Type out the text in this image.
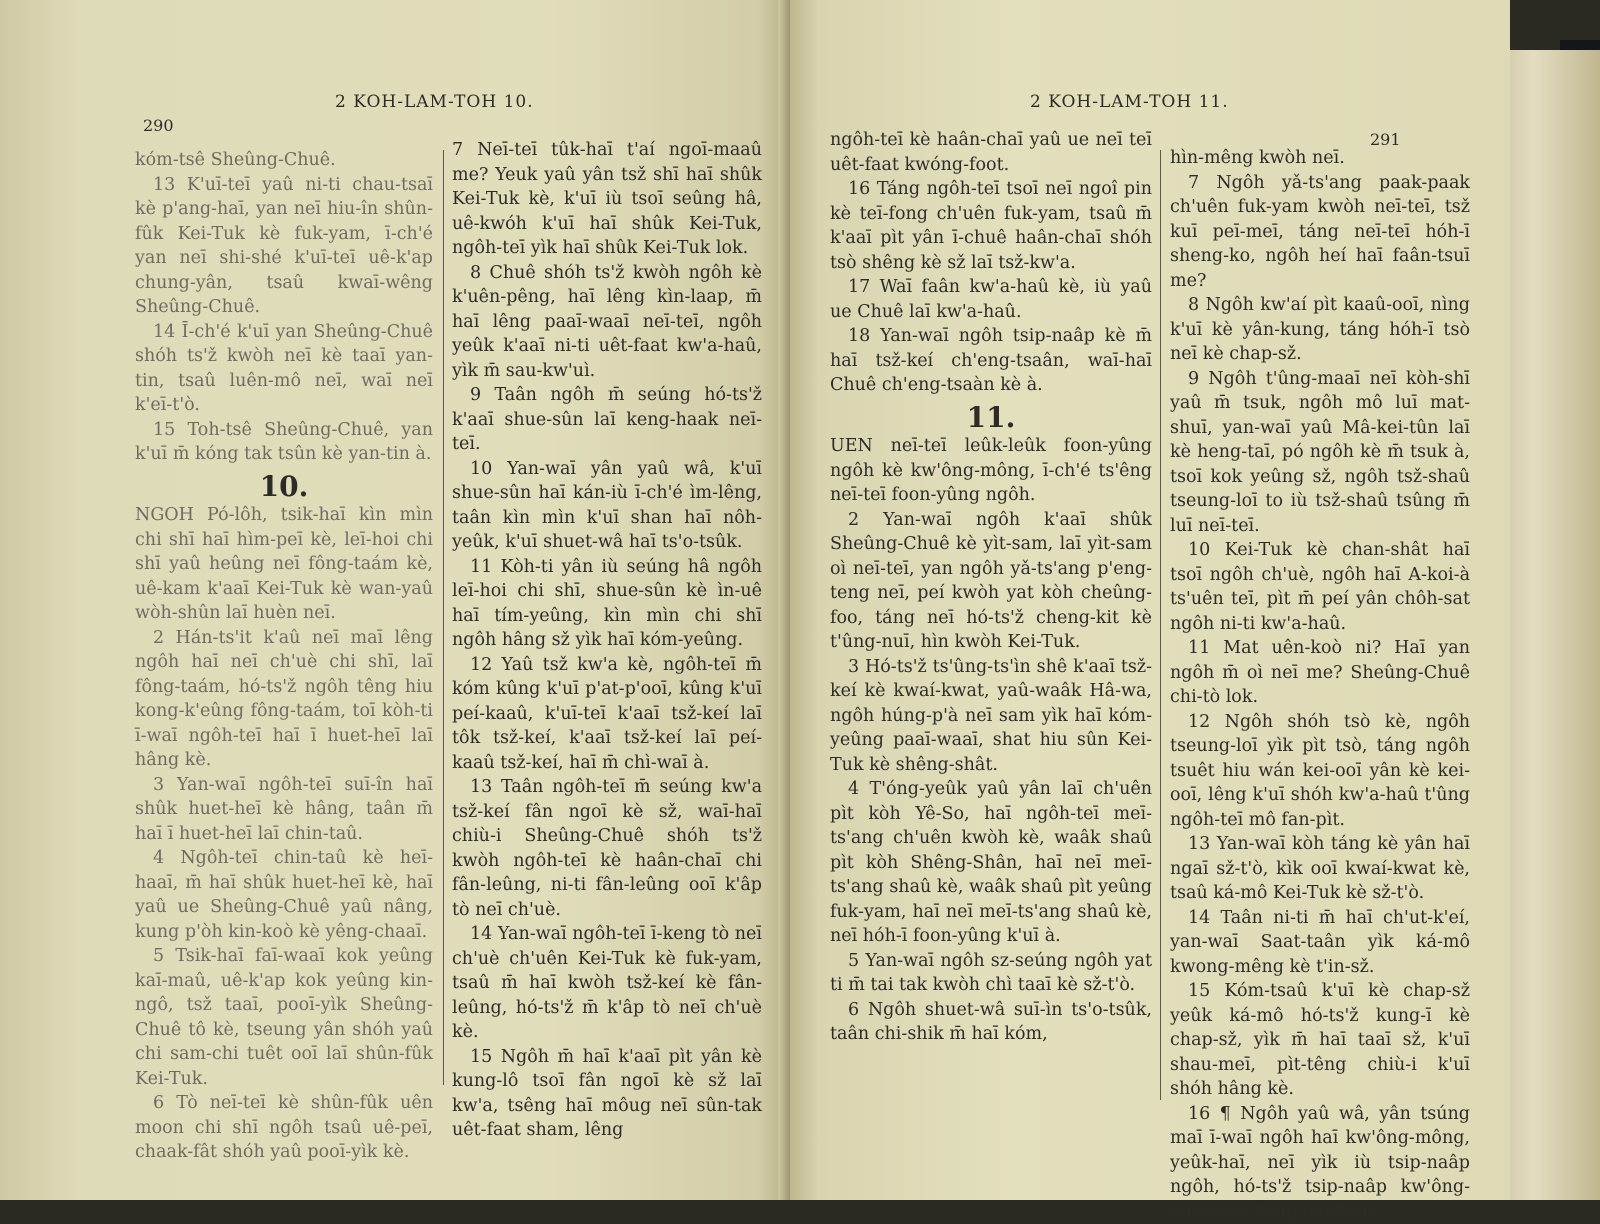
290
2 KOH-LAM-TOH 10.

kóm-tsê Sheûng-Chuê.

13 K'uī-teī yaû ni-ti chau-tsaī kè p'ang-haī, yan neī hiu-în shûn-fûk Kei-Tuk kè fuk-yam, ī-ch'é yan neī shi-shé k'uī-teī uê-k'ap chung-yân, tsaû kwaī-wêng Sheûng-Chuê.

14 Ī-ch'é k'uī yan Sheûng-Chuê shóh ts'ž kwòh neī kè taaī yan-tin, tsaû luên-mô neī, waī neī k'eī-t'ò.

15 Toh-tsê Sheûng-Chuê, yan k'uī m̄ kóng tak tsûn kè yan-tin à.

10.

NGOH Pó-lôh, tsik-haī kìn mìn chi shī haī hìm-peī kè, leī-hoi chi shī yaû heûng neī fông-taám kè, uê-kam k'aaī Kei-Tuk kè wan-yaû wòh-shûn laī huèn neī.

2 Hán-ts'it k'aû neī maī lêng ngôh haī neī ch'uè chi shī, laī fông-taám, hó-ts'ž ngôh têng hiu kong-k'eûng fông-taám, toī kòh-ti ī-waī ngôh-teī haī ī huet-heī laī hâng kè.

3 Yan-waī ngôh-teī suī-în haī shûk huet-heī kè hâng, taân m̄ haī ī huet-heī laī chin-taû.

4 Ngôh-teī chin-taû kè heī-haaī, m̄ haī shûk huet-heī kè, haī yaû ue Sheûng-Chuê yaû nâng, kung p'òh kin-koò kè yêng-chaaī.

5 Tsik-haī faī-waaī kok yeûng kaī-maû, uê-k'ap kok yeûng kin-ngô, tsž taaī, pooī-yìk Sheûng-Chuê tô kè, tseung yân shóh yaû chi sam-chi tuêt ooī laī shûn-fûk Kei-Tuk.

6 Tò neī-teī kè shûn-fûk uên moon chi shī ngôh tsaû uê-peī, chaak-fât shóh yaû pooī-yìk kè.

7 Neī-teī tûk-haī t'aí ngoī-maaû me? Yeuk yaû yân tsž shī haī shûk Kei-Tuk kè, k'uī iù tsoī seûng hâ, uê-kwóh k'uī haī shûk Kei-Tuk, ngôh-teī yìk haī shûk Kei-Tuk lok.

8 Chuê shóh ts'ž kwòh ngôh kè k'uên-pêng, haī lêng kìn-laap, m̄ haī lêng paaī-waaī neī-teī, ngôh yeûk k'aaī ni-ti uêt-faat kw'a-haû, yìk m̄ sau-kw'uì.

9 Taân ngôh m̄ seúng hó-ts'ž k'aaī shue-sûn laī keng-haak neī-teī.

10 Yan-waī yân yaû wâ, k'uī shue-sûn haī kán-iù ī-ch'é ìm-lêng, taân kìn mìn k'uī shan haī nôh-yeûk, k'uī shuet-wâ haī ts'o-tsûk.

11 Kòh-ti yân iù seúng hâ ngôh leī-hoi chi shī, shue-sûn kè ìn-uê haī tím-yeûng, kìn mìn chi shī ngôh hâng sž yìk haī kóm-yeûng.

12 Yaû tsž kw'a kè, ngôh-teī m̄ kóm kûng k'uī p'at-p'ooī, kûng k'uī peí-kaaû, k'uī-teī k'aaī tsž-keí laī tôk tsž-keí, k'aaī tsž-keí laī peí-kaaû tsž-keí, haī m̄ chì-waī à.

13 Taân ngôh-teī m̄ seúng kw'a tsž-keí fân ngoī kè sž, waī-haī chiù-i Sheûng-Chuê shóh ts'ž kwòh ngôh-teī kè haân-chaī chi fân-leûng, ni-ti fân-leûng ooī k'âp tò neī ch'uè.

14 Yan-waī ngôh-teī ī-keng tò neī ch'uè ch'uên Kei-Tuk kè fuk-yam, tsaû m̄ haī kwòh tsž-keí kè fân-leûng, hó-ts'ž m̄ k'âp tò neī ch'uè kè.

15 Ngôh m̄ haī k'aaī pìt yân kè kung-lô tsoī fân ngoī kè sž laī kw'a, tsêng haī môug neī sûn-tak uêt-faat sham, lêng

2 KOH-LAM-TOH 11.
291

ngôh-teī kè haân-chaī yaû ue neī teī uêt-faat kwóng-foot.

16 Táng ngôh-teī tsoī neī ngoî pin kè teī-fong ch'uên fuk-yam, tsaû m̄ k'aaī pìt yân ī-chuê haân-chaī shóh tsò shêng kè sž laī tsž-kw'a.

17 Waī faân kw'a-haû kè, iù yaû ue Chuê laī kw'a-haû.

18 Yan-waī ngôh tsip-naâp kè m̄ haī tsž-keí ch'eng-tsaân, waī-haī Chuê ch'eng-tsaàn kè à.

11.

UEN neī-teī leûk-leûk foon-yûng ngôh kè kw'ông-mông, ī-ch'é ts'êng neī-teī foon-yûng ngôh.

2 Yan-waī ngôh k'aaī shûk Sheûng-Chuê kè yìt-sam, laī yìt-sam oì neī-teī, yan ngôh yǎ-ts'ang p'eng-teng neī, peí kwòh yat kòh cheûng-foo, táng neī hó-ts'ž cheng-kit kè t'ûng-nuī, hìn kwòh Kei-Tuk.

3 Hó-ts'ž ts'ûng-ts'ìn shê k'aaī tsž-keí kè kwaí-kwat, yaû-waâk Hâ-wa, ngôh húng-p'à neī sam yìk haī kóm-yeûng paaī-waaī, shat hiu sûn Kei-Tuk kè shêng-shât.

4 T'óng-yeûk yaû yân laī ch'uên pìt kòh Yê-So, haī ngôh-teī meī-ts'ang ch'uên kwòh kè, waâk shaû pìt kòh Shêng-Shân, haī neī meī-ts'ang shaû kè, waâk shaû pìt yeûng fuk-yam, haī neī meī-ts'ang shaû kè, neī hóh-ī foon-yûng k'uī à.

5 Yan-waī ngôh sz-seúng ngôh yat ti m̄ tai tak kwòh chì taaī kè sž-t'ò.

6 Ngôh shuet-wâ suī-ìn ts'o-tsûk, taân chi-shik m̄ haī kóm,

hìn-mêng kwòh neī.

7 Ngôh yǎ-ts'ang paak-paak ch'uên fuk-yam kwòh neī-teī, tsž kuī peī-meī, táng neī-teī hóh-ī sheng-ko, ngôh heí haī faân-tsuī me?

8 Ngôh kw'aí pìt kaaû-ooī, nìng k'uī kè yân-kung, táng hóh-ī tsò neī kè chap-sž.

9 Ngôh t'ûng-maaī neī kòh-shī yaû m̄ tsuk, ngôh mô luī mat-shuī, yan-waī yaû Mâ-kei-tûn laī kè heng-taī, pó ngôh kè m̄ tsuk à, tsoī kok yeûng sž, ngôh tsž-shaû tseung-loī to iù tsž-shaû tsûng m̄ luī neī-teī.

10 Kei-Tuk kè chan-shât haī tsoī ngôh ch'uè, ngôh haī A-koi-à ts'uên teī, pìt m̄ peí yân chôh-sat ngôh ni-ti kw'a-haû.

11 Mat uên-koò ni? Haī yan ngôh m̄ oì neī me? Sheûng-Chuê chi-tò lok.

12 Ngôh shóh tsò kè, ngôh tseung-loī yìk pìt tsò, táng ngôh tsuêt hiu wán kei-ooī yân kè kei-ooī, lêng k'uī shóh kw'a-haû t'ûng ngôh-teī mô fan-pìt.

13 Yan-waī kòh táng kè yân haī ngaī sž-t'ò, kìk ooī kwaí-kwat kè, tsaû ká-mô Kei-Tuk kè sž-t'ò.

14 Taân ni-ti m̄ haī ch'ut-k'eí, yan-waī Saat-taân yìk ká-mô kwong-mêng kè t'in-sž.

15 Kóm-tsaû k'uī kè chap-sž yeûk ká-mô hó-ts'ž kung-ī kè chap-sž, yìk m̄ haī taaī sž, k'uī shau-meī, pìt-têng chiù-i k'uī shóh hâng kè.

16 ¶ Ngôh yaû wâ, yân tsúng maī ī-waī ngôh haī kw'ông-mông, yeûk-haī, neī yìk iù tsip-naâp ngôh, hó-ts'ž tsip-naâp kw'ông-mông kè, táng ngôh yìk
